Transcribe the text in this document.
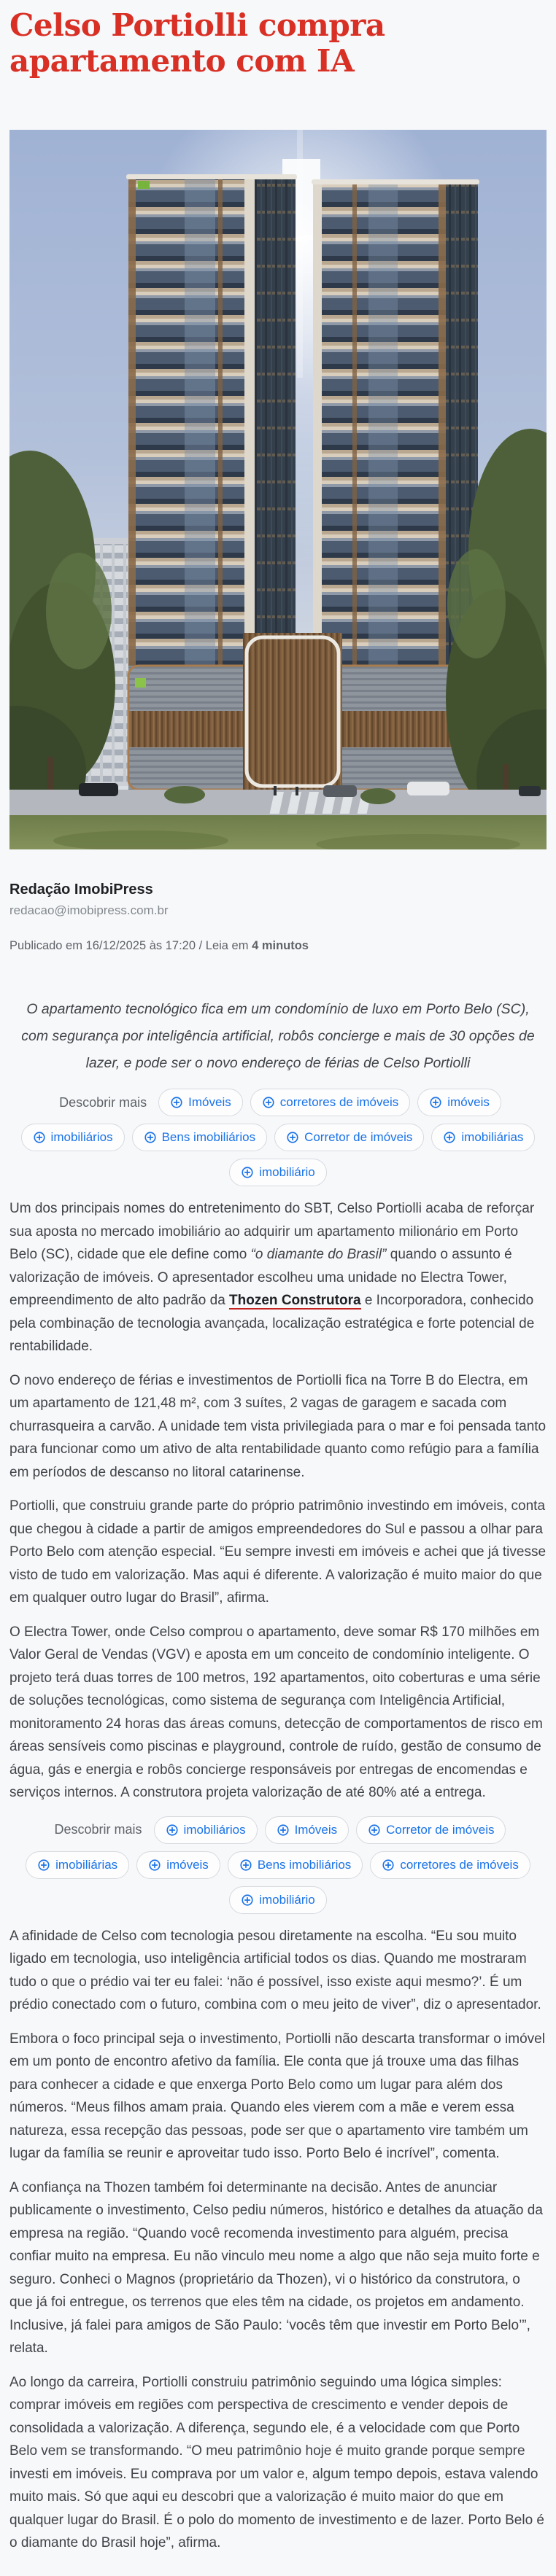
Celso Portiolli compra apartamento com IA
Redação ImobiPress
redacao@imobipress.com.br
Publicado em 16/12/2025 às 17:20 / Leia em 4 minutos

O apartamento tecnológico fica em um condomínio de luxo em Porto Belo (SC), com segurança por inteligência artificial, robôs concierge e mais de 30 opções de lazer, e pode ser o novo endereço de férias de Celso Portiolli

Descobrir mais	Imóveis	corretores de imóveis	imóveis
imobiliários	Bens imobiliários	Corretor de imóveis	imobiliárias
imobiliário

Um dos principais nomes do entretenimento do SBT, Celso Portiolli acaba de reforçar sua aposta no mercado imobiliário ao adquirir um apartamento milionário em Porto Belo (SC), cidade que ele define como “o diamante do Brasil” quando o assunto é valorização de imóveis. O apresentador escolheu uma unidade no Electra Tower, empreendimento de alto padrão da Thozen Construtora e Incorporadora, conhecido pela combinação de tecnologia avançada, localização estratégica e forte potencial de rentabilidade.

O novo endereço de férias e investimentos de Portiolli fica na Torre B do Electra, em um apartamento de 121,48 m², com 3 suítes, 2 vagas de garagem e sacada com churrasqueira a carvão. A unidade tem vista privilegiada para o mar e foi pensada tanto para funcionar como um ativo de alta rentabilidade quanto como refúgio para a família em períodos de descanso no litoral catarinense.

Portiolli, que construiu grande parte do próprio patrimônio investindo em imóveis, conta que chegou à cidade a partir de amigos empreendedores do Sul e passou a olhar para Porto Belo com atenção especial. “Eu sempre investi em imóveis e achei que já tivesse visto de tudo em valorização. Mas aqui é diferente. A valorização é muito maior do que em qualquer outro lugar do Brasil”, afirma.

O Electra Tower, onde Celso comprou o apartamento, deve somar R$ 170 milhões em Valor Geral de Vendas (VGV) e aposta em um conceito de condomínio inteligente. O projeto terá duas torres de 100 metros, 192 apartamentos, oito coberturas e uma série de soluções tecnológicas, como sistema de segurança com Inteligência Artificial, monitoramento 24 horas das áreas comuns, detecção de comportamentos de risco em áreas sensíveis como piscinas e playground, controle de ruído, gestão de consumo de água, gás e energia e robôs concierge responsáveis por entregas de encomendas e serviços internos. A construtora projeta valorização de até 80% até a entrega.

Descobrir mais	imobiliários	Imóveis	Corretor de imóveis
imobiliárias	imóveis	Bens imobiliários	corretores de imóveis
imobiliário

A afinidade de Celso com tecnologia pesou diretamente na escolha. “Eu sou muito ligado em tecnologia, uso inteligência artificial todos os dias. Quando me mostraram tudo o que o prédio vai ter eu falei: ‘não é possível, isso existe aqui mesmo?’. É um prédio conectado com o futuro, combina com o meu jeito de viver”, diz o apresentador.

Embora o foco principal seja o investimento, Portiolli não descarta transformar o imóvel em um ponto de encontro afetivo da família. Ele conta que já trouxe uma das filhas para conhecer a cidade e que enxerga Porto Belo como um lugar para além dos números. “Meus filhos amam praia. Quando eles vierem com a mãe e verem essa natureza, essa recepção das pessoas, pode ser que o apartamento vire também um lugar da família se reunir e aproveitar tudo isso. Porto Belo é incrível”, comenta.

A confiança na Thozen também foi determinante na decisão. Antes de anunciar publicamente o investimento, Celso pediu números, histórico e detalhes da atuação da empresa na região. “Quando você recomenda investimento para alguém, precisa confiar muito na empresa. Eu não vinculo meu nome a algo que não seja muito forte e seguro. Conheci o Magnos (proprietário da Thozen), vi o histórico da construtora, o que já foi entregue, os terrenos que eles têm na cidade, os projetos em andamento. Inclusive, já falei para amigos de São Paulo: ‘vocês têm que investir em Porto Belo’”, relata.

Ao longo da carreira, Portiolli construiu patrimônio seguindo uma lógica simples: comprar imóveis em regiões com perspectiva de crescimento e vender depois de consolidada a valorização. A diferença, segundo ele, é a velocidade com que Porto Belo vem se transformando. “O meu patrimônio hoje é muito grande porque sempre investi em imóveis. Eu comprava por um valor e, algum tempo depois, estava valendo muito mais. Só que aqui eu descobri que a valorização é muito maior do que em qualquer lugar do Brasil. É o polo do momento de investimento e de lazer. Porto Belo é o diamante do Brasil hoje”, afirma.
